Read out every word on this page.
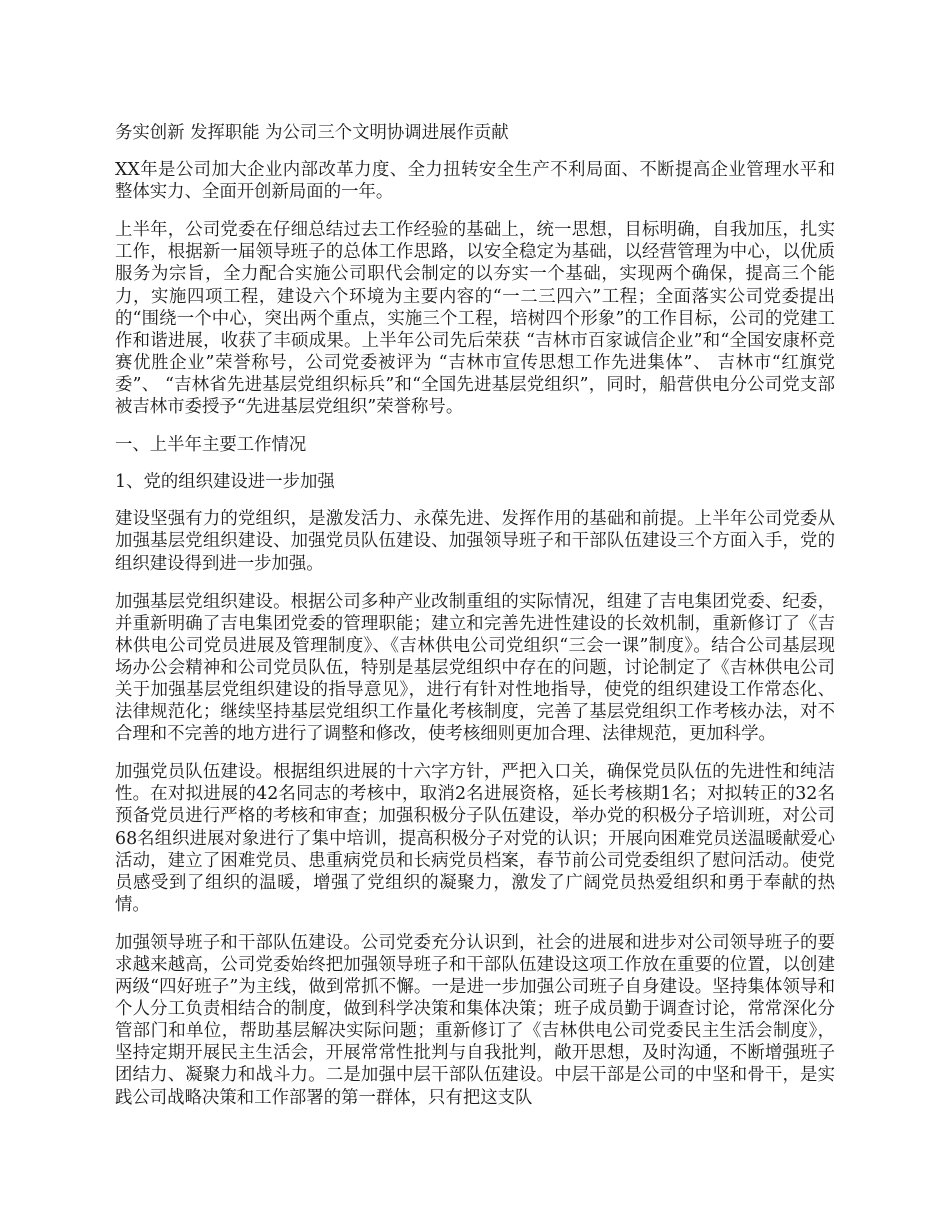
务实创新 发挥职能 为公司三个文明协调进展作贡献

XX年是公司加大企业内部改革力度、全力扭转安全生产不利局面、不断提高企业管理水平和整体实力、全面开创新局面的一年。

上半年，公司党委在仔细总结过去工作经验的基础上，统一思想，目标明确，自我加压，扎实工作，根据新一届领导班子的总体工作思路，以安全稳定为基础，以经营管理为中心，以优质服务为宗旨，全力配合实施公司职代会制定的以夯实一个基础，实现两个确保，提高三个能力，实施四项工程，建设六个环境为主要内容的“一二三四六”工程；全面落实公司党委提出的“围绕一个中心，突出两个重点，实施三个工程，培树四个形象”的工作目标，公司的党建工作和谐进展，收获了丰硕成果。上半年公司先后荣获 “吉林市百家诚信企业”和“全国安康杯竞赛优胜企业”荣誉称号，公司党委被评为 “吉林市宣传思想工作先进集体”、 吉林市“红旗党委”、 “吉林省先进基层党组织标兵”和“全国先进基层党组织”，同时，船营供电分公司党支部被吉林市委授予“先进基层党组织”荣誉称号。

一、上半年主要工作情况

1、党的组织建设进一步加强

建设坚强有力的党组织，是激发活力、永葆先进、发挥作用的基础和前提。上半年公司党委从加强基层党组织建设、加强党员队伍建设、加强领导班子和干部队伍建设三个方面入手，党的组织建设得到进一步加强。

加强基层党组织建设。根据公司多种产业改制重组的实际情况，组建了吉电集团党委、纪委，并重新明确了吉电集团党委的管理职能；建立和完善先进性建设的长效机制，重新修订了《吉林供电公司党员进展及管理制度》、《吉林供电公司党组织“三会一课”制度》。结合公司基层现场办公会精神和公司党员队伍，特别是基层党组织中存在的问题，讨论制定了《吉林供电公司关于加强基层党组织建设的指导意见》，进行有针对性地指导，使党的组织建设工作常态化、法律规范化；继续坚持基层党组织工作量化考核制度，完善了基层党组织工作考核办法，对不合理和不完善的地方进行了调整和修改，使考核细则更加合理、法律规范，更加科学。

加强党员队伍建设。根据组织进展的十六字方针，严把入口关，确保党员队伍的先进性和纯洁性。在对拟进展的42名同志的考核中，取消2名进展资格，延长考核期1名；对拟转正的32名预备党员进行严格的考核和审查；加强积极分子队伍建设，举办党的积极分子培训班，对公司68名组织进展对象进行了集中培训，提高积极分子对党的认识；开展向困难党员送温暖献爱心活动，建立了困难党员、患重病党员和长病党员档案，春节前公司党委组织了慰问活动。使党员感受到了组织的温暖，增强了党组织的凝聚力，激发了广阔党员热爱组织和勇于奉献的热情。

加强领导班子和干部队伍建设。公司党委充分认识到，社会的进展和进步对公司领导班子的要求越来越高，公司党委始终把加强领导班子和干部队伍建设这项工作放在重要的位置，以创建两级“四好班子”为主线，做到常抓不懈。一是进一步加强公司班子自身建设。坚持集体领导和个人分工负责相结合的制度，做到科学决策和集体决策；班子成员勤于调查讨论，常常深化分管部门和单位，帮助基层解决实际问题；重新修订了《吉林供电公司党委民主生活会制度》，坚持定期开展民主生活会，开展常常性批判与自我批判，敞开思想，及时沟通，不断增强班子团结力、凝聚力和战斗力。二是加强中层干部队伍建设。中层干部是公司的中坚和骨干，是实践公司战略决策和工作部署的第一群体，只有把这支队
